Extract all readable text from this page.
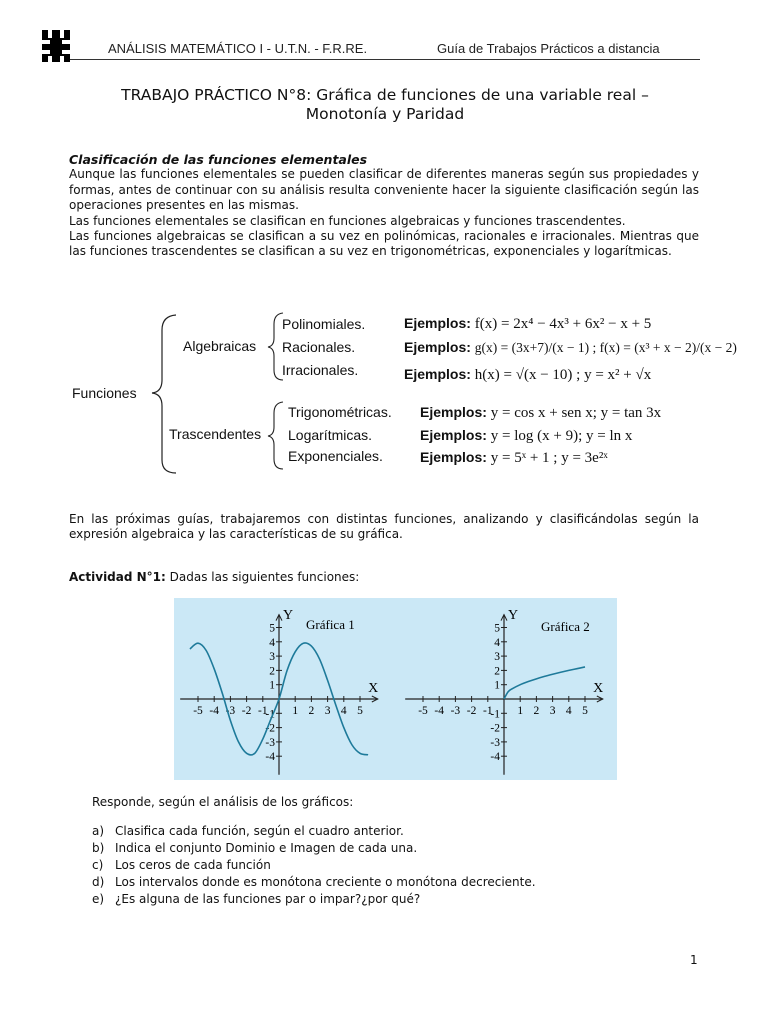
ANÁLISIS MATEMÁTICO I - U.T.N. - F.R.RE.	Guía de Trabajos Prácticos a distancia
TRABAJO PRÁCTICO N°8: Gráfica de funciones de una variable real –
Monotonía y Paridad

Clasificación de las funciones elementales

Aunque las funciones elementales se pueden clasificar de diferentes maneras según sus propiedades y formas, antes de continuar con su análisis resulta conveniente hacer la siguiente clasificación según las operaciones presentes en las mismas.

Las funciones elementales se clasifican en funciones algebraicas y funciones trascendentes.

Las funciones algebraicas se clasifican a su vez en polinómicas, racionales e irracionales. Mientras que las funciones trascendentes se clasifican a su vez en trigonométricas, exponenciales y logarítmicas.

Funciones
Algebraicas
Trascendentes
Polinomiales.
Racionales.
Irracionales.
Trigonométricas.
Logarítmicas.
Exponenciales.
Ejemplos: f(x) = 2x⁴ − 4x³ + 6x² − x + 5
Ejemplos: g(x) = (3x+7)/(x − 1) ; f(x) = (x³ + x − 2)/(x − 2)
Ejemplos: h(x) = √(x − 10) ; y = x² + √x
Ejemplos: y = cos x + sen x; y = tan 3x
Ejemplos: y = log (x + 9); y = ln x
Ejemplos: y = 5ˣ + 1 ; y = 3e²ˣ
En las próximas guías, trabajaremos con distintas funciones, analizando y clasificándolas según la expresión algebraica y las características de su gráfica.
Actividad N°1: Dadas las siguientes funciones:
X
Y
-5 -4 -3 -2 -1 1 2 3 4 5
5
4
3
2
1
-1
-2
-3
-4
Gráfica 1
X
Y
-5 -4 -3 -2 -1 1 2 3 4 5
5
4
3
2
1
-1
-2
-3
-4
Gráfica 2
Responde, según el análisis de los gráficos:
a) Clasifica cada función, según el cuadro anterior.
b) Indica el conjunto Dominio e Imagen de cada una.
c) Los ceros de cada función
d) Los intervalos donde es monótona creciente o monótona decreciente.
e) ¿Es alguna de las funciones par o impar?¿por qué?
1
